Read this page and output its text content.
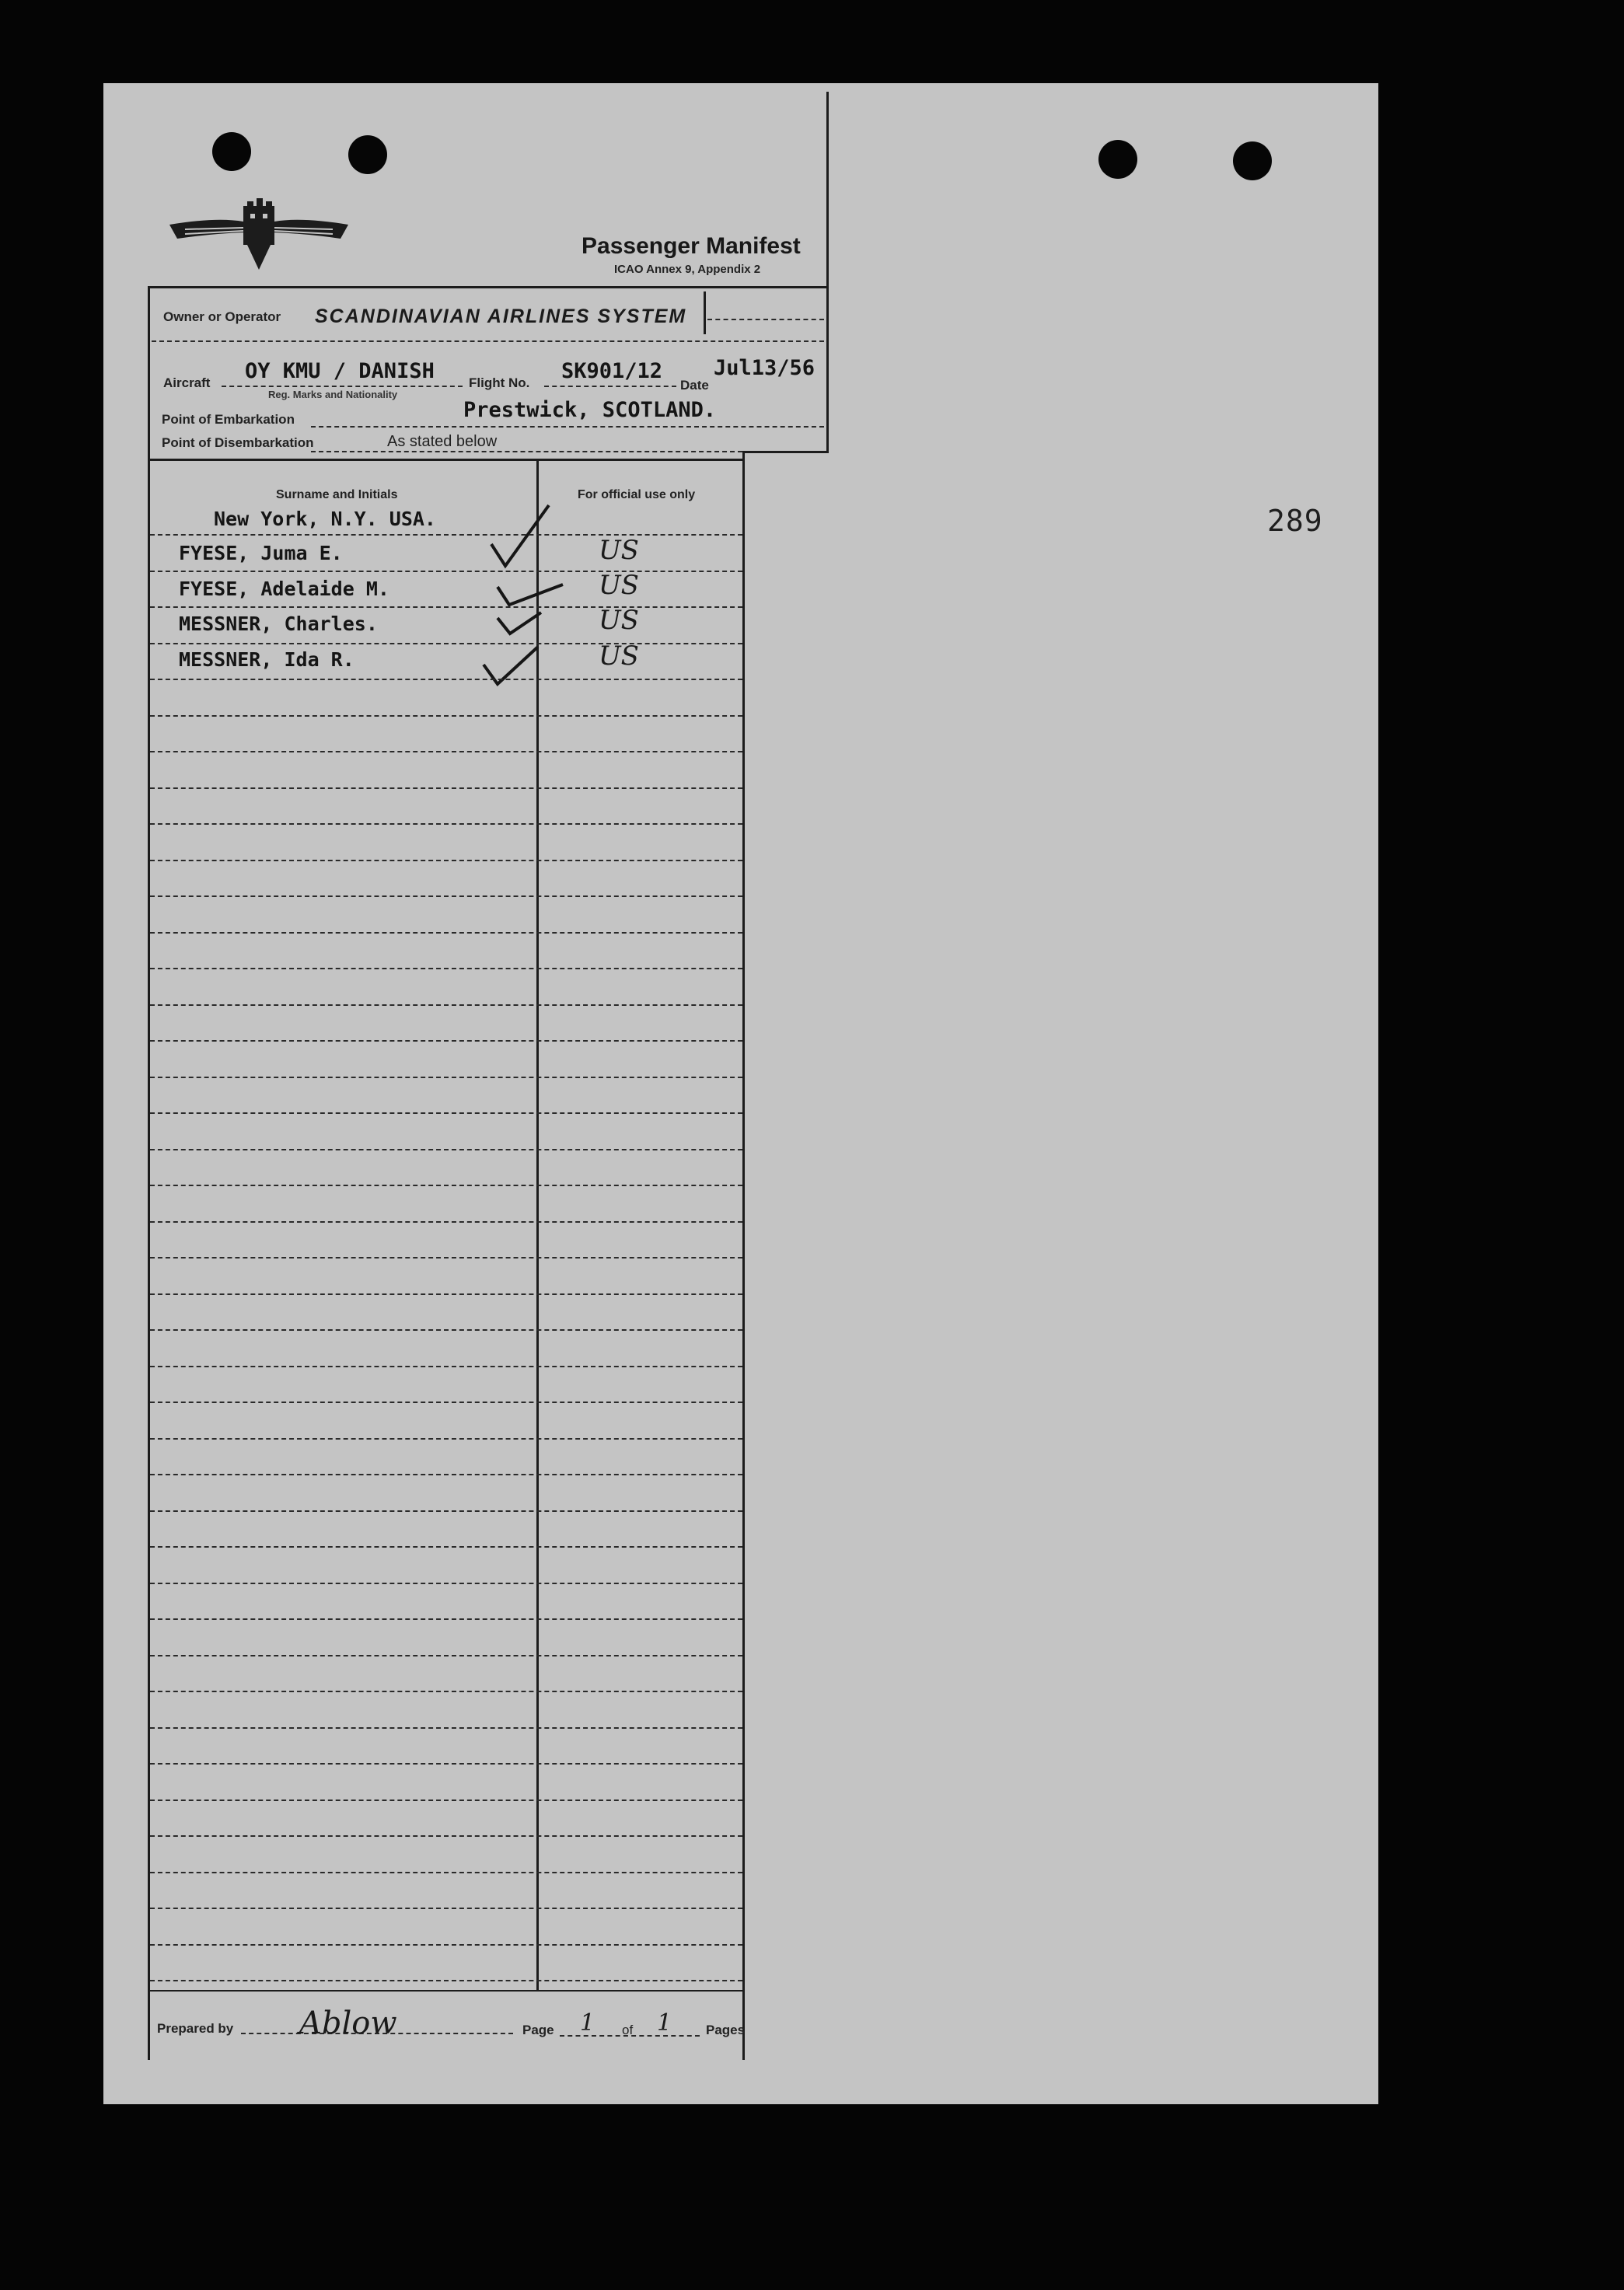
289
Passenger Manifest
ICAO Annex 9, Appendix 2
Owner or Operator SCANDINAVIAN AIRLINES SYSTEM
Aircraft OY KMU / DANISH
Reg. Marks and Nationality
Flight No. SK901/12
Date
Jul13/56
Point of Embarkation	Prestwick, SCOTLAND.
Point of Disembarkation	As stated below
Surname and Initials	For official use only
New York, N.Y. USA.
FYESE, Juma E.	US
FYESE, Adelaide M.	US
MESSNER, Charles.	US
MESSNER, Ida R.	US
Prepared by Ablow	Page 1 of 1	Pages
